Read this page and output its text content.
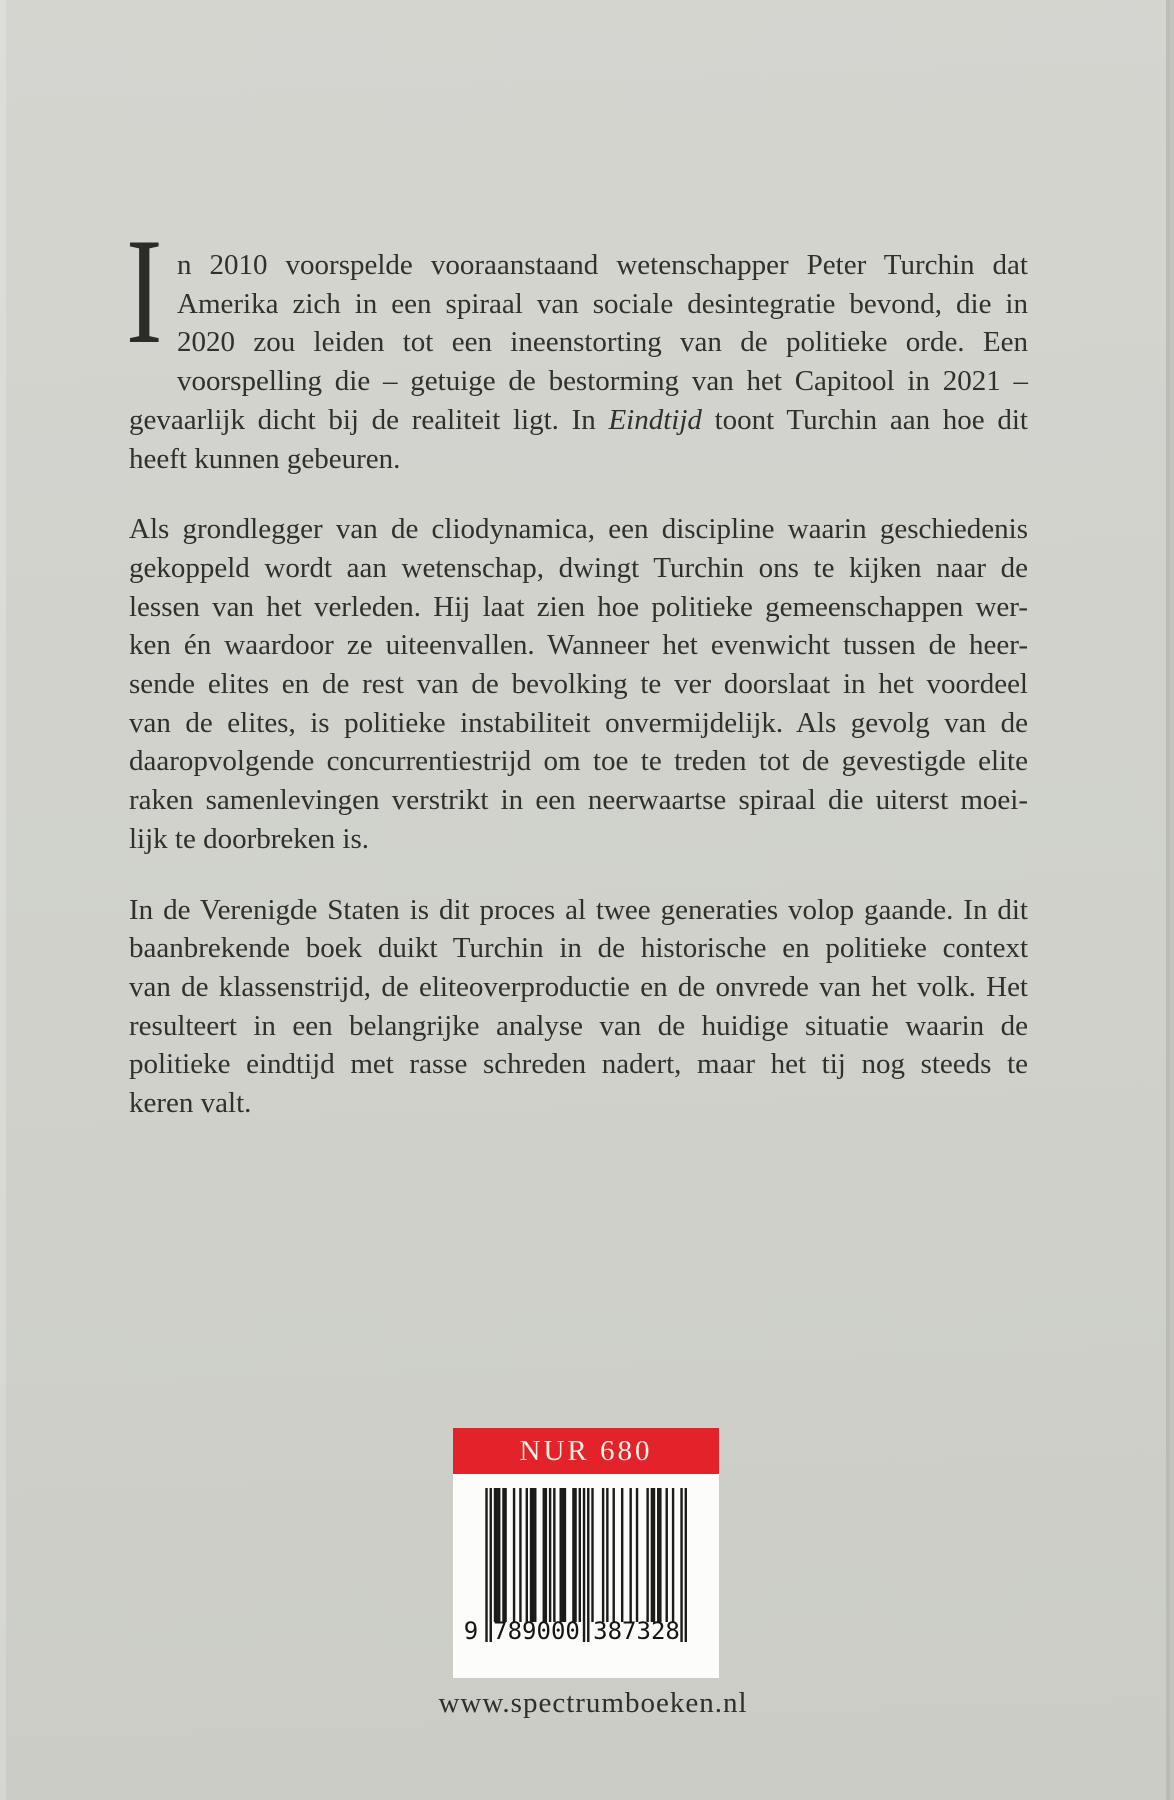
I n 2010 voorspelde vooraanstaand wetenschapper Peter Turchin dat
Amerika zich in een spiraal van sociale desintegratie bevond, die in
2020 zou leiden tot een ineenstorting van de politieke orde. Een
voorspelling die – getuige de bestorming van het Capitool in 2021 –
gevaarlijk dicht bij de realiteit ligt. In Eindtijd toont Turchin aan hoe dit
heeft kunnen gebeuren.
Als grondlegger van de cliodynamica, een discipline waarin geschiedenis
gekoppeld wordt aan wetenschap, dwingt Turchin ons te kijken naar de
lessen van het verleden. Hij laat zien hoe politieke gemeenschappen wer-
ken én waardoor ze uiteenvallen. Wanneer het evenwicht tussen de heer-
sende elites en de rest van de bevolking te ver doorslaat in het voordeel
van de elites, is politieke instabiliteit onvermijdelijk. Als gevolg van de
daaropvolgende concurrentiestrijd om toe te treden tot de gevestigde elite
raken samenlevingen verstrikt in een neerwaartse spiraal die uiterst moei-
lijk te doorbreken is.
In de Verenigde Staten is dit proces al twee generaties volop gaande. In dit
baanbrekende boek duikt Turchin in de historische en politieke context
van de klassenstrijd, de eliteoverproductie en de onvrede van het volk. Het
resulteert in een belangrijke analyse van de huidige situatie waarin de
politieke eindtijd met rasse schreden nadert, maar het tij nog steeds te
keren valt.
NUR 680
9 789000 387328
www.spectrumboeken.nl
